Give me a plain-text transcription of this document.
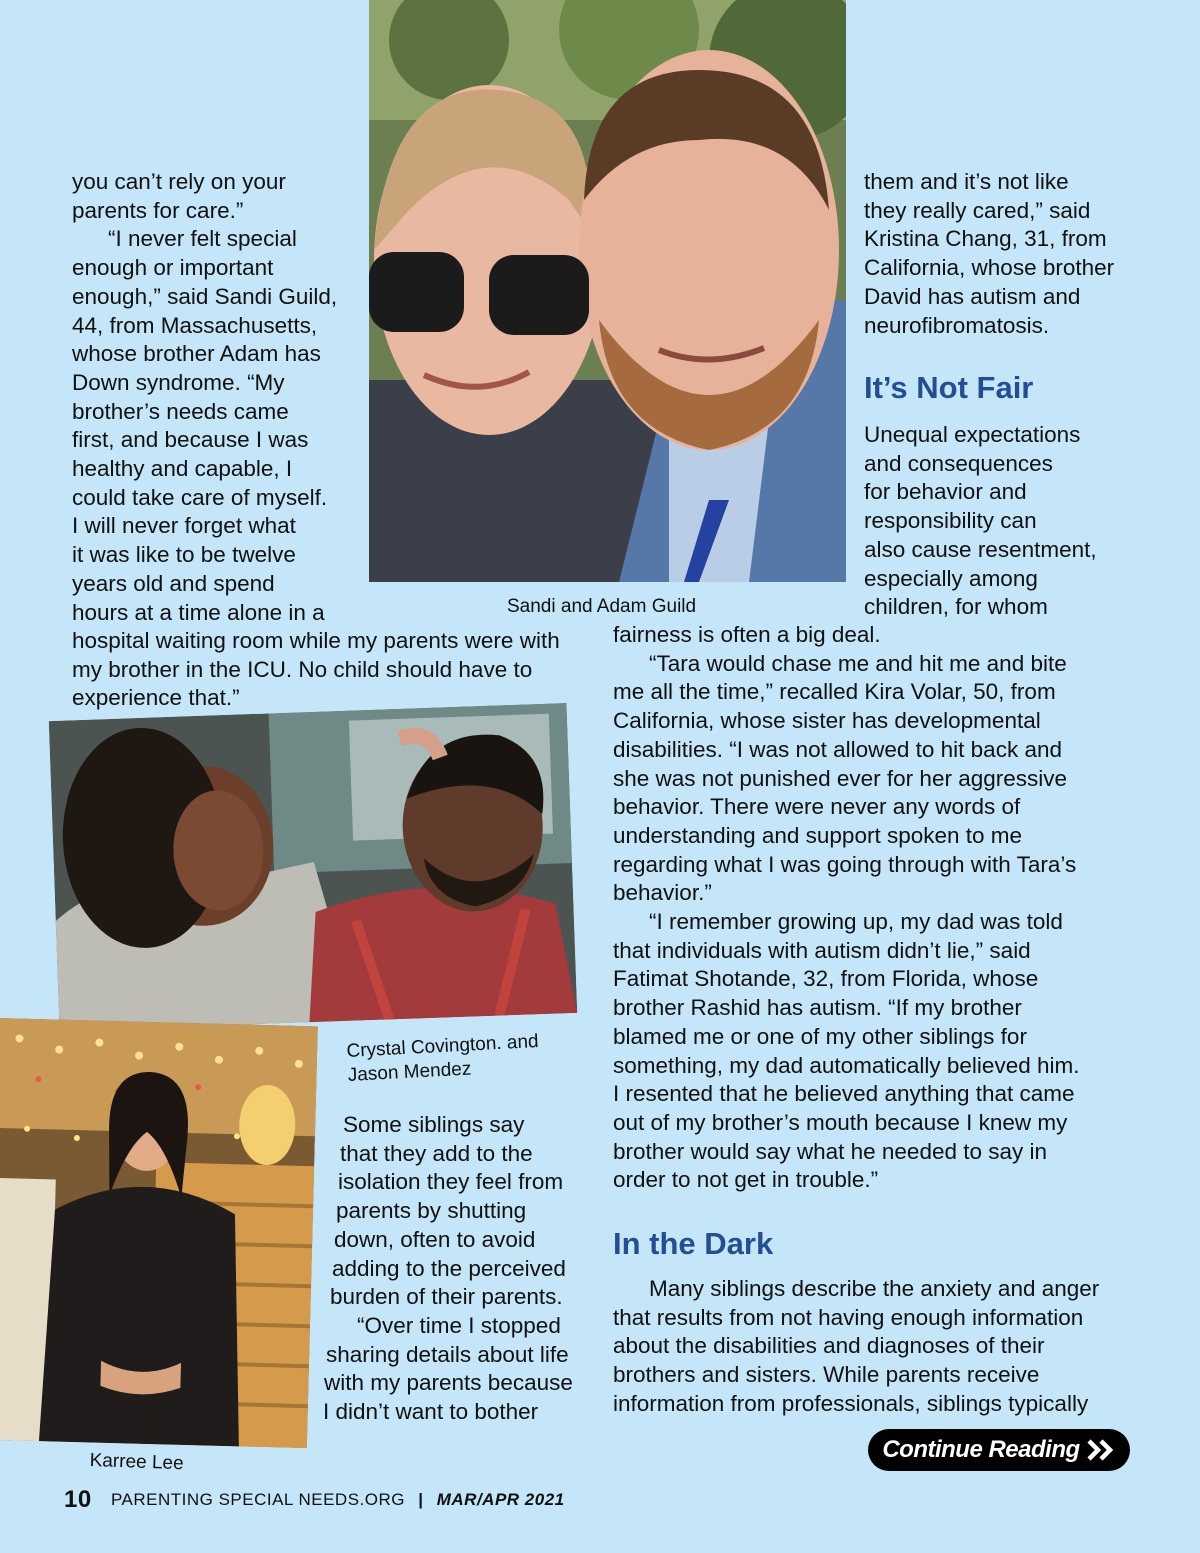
Sandi and Adam Guild
Crystal Covington. and
Jason Mendez
Karree Lee

you can’t rely on your

parents for care.”

“I never felt special

enough or important

enough,” said Sandi Guild,

44, from Massachusetts,

whose brother Adam has

Down syndrome. “My

brother’s needs came

first, and because I was

healthy and capable, I

could take care of myself.

I will never forget what

it was like to be twelve

years old and spend

hours at a time alone in a

hospital waiting room while my parents were with

my brother in the ICU. No child should have to

experience that.”

Some siblings say

that they add to the

isolation they feel from

parents by shutting

down, often to avoid

adding to the perceived

burden of their parents.

“Over time I stopped

sharing details about life

with my parents because

I didn’t want to bother

them and it’s not like

they really cared,” said

Kristina Chang, 31, from

California, whose brother

David has autism and

neurofibromatosis.

It’s Not Fair

Unequal expectations

and consequences

for behavior and

responsibility can

also cause resentment,

especially among

children, for whom

fairness is often a big deal.

“Tara would chase me and hit me and bite

me all the time,” recalled Kira Volar, 50, from

California, whose sister has developmental

disabilities. “I was not allowed to hit back and

she was not punished ever for her aggressive

behavior. There were never any words of

understanding and support spoken to me

regarding what I was going through with Tara’s

behavior.”

“I remember growing up, my dad was told

that individuals with autism didn’t lie,” said

Fatimat Shotande, 32, from Florida, whose

brother Rashid has autism. “If my brother

blamed me or one of my other siblings for

something, my dad automatically believed him.

I resented that he believed anything that came

out of my brother’s mouth because I knew my

brother would say what he needed to say in

order to not get in trouble.”

In the Dark

Many siblings describe the anxiety and anger

that results from not having enough information

about the disabilities and diagnoses of their

brothers and sisters. While parents receive

information from professionals, siblings typically

Continue Reading
10 PARENTING SPECIAL NEEDS.ORG | MAR/APR 2021
